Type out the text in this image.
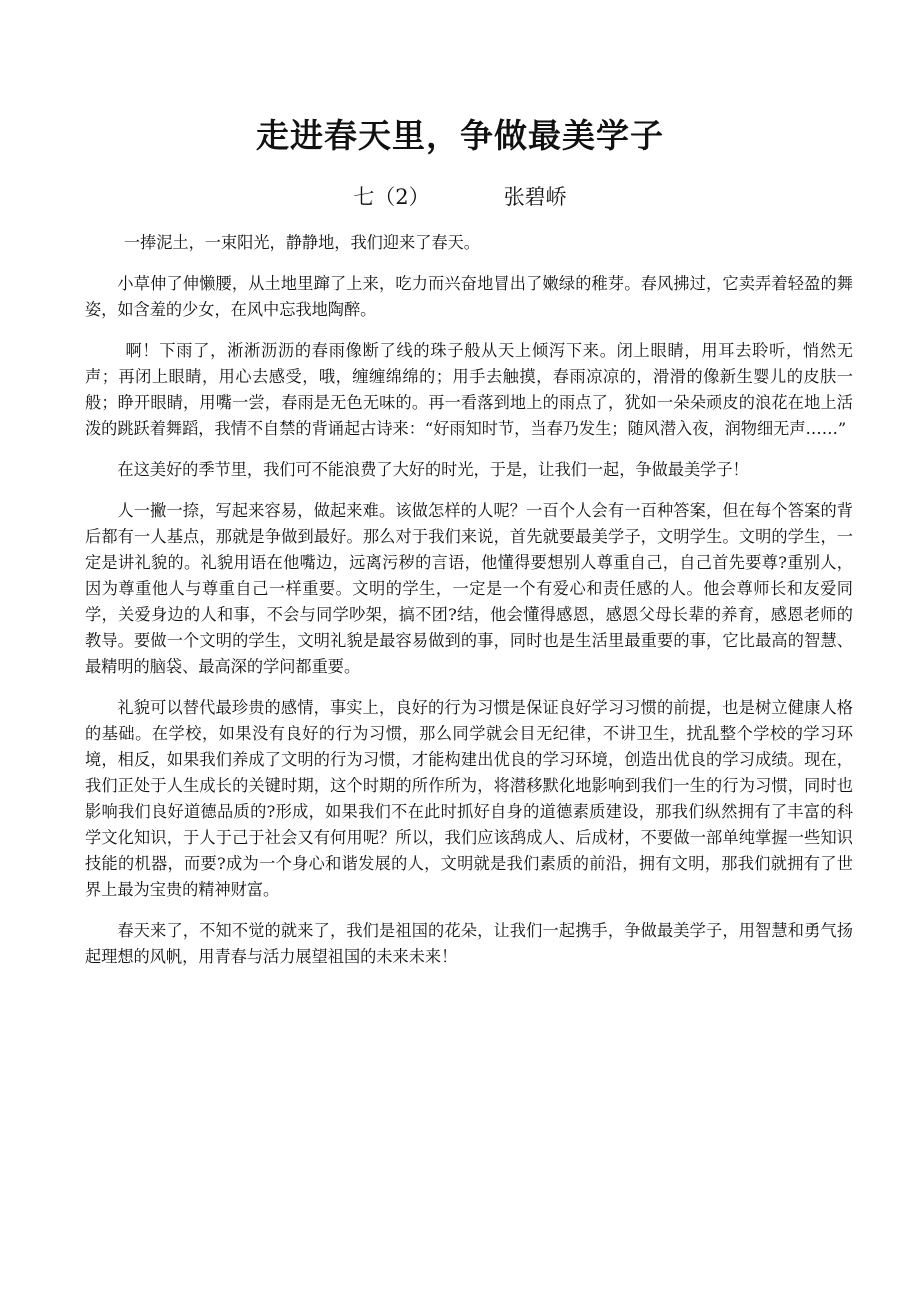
走进春天里，争做最美学子
七（2）	张碧峤

一捧泥土，一束阳光，静静地，我们迎来了春天。

小草伸了伸懒腰，从土地里蹿了上来，吃力而兴奋地冒出了嫩绿的稚芽。春风拂过，它卖弄着轻盈的舞姿，如含羞的少女，在风中忘我地陶醉。

啊！下雨了，淅淅沥沥的春雨像断了线的珠子般从天上倾泻下来。闭上眼睛，用耳去聆听，悄然无声；再闭上眼睛，用心去感受，哦，缠缠绵绵的；用手去触摸，春雨凉凉的，滑滑的像新生婴儿的皮肤一般；睁开眼睛，用嘴一尝，春雨是无色无味的。再一看落到地上的雨点了，犹如一朵朵顽皮的浪花在地上活泼的跳跃着舞蹈，我情不自禁的背诵起古诗来：“好雨知时节，当春乃发生；随风潜入夜，润物细无声……”

在这美好的季节里，我们可不能浪费了大好的时光，于是，让我们一起，争做最美学子！

人一撇一捺，写起来容易，做起来难。该做怎样的人呢？一百个人会有一百种答案，但在每个答案的背后都有一人基点，那就是争做到最好。那么对于我们来说，首先就要最美学子，文明学生。文明的学生，一定是讲礼貌的。礼貌用语在他嘴边，远离污秽的言语，他懂得要想别人尊重自己，自己首先要尊?重别人，因为尊重他人与尊重自己一样重要。文明的学生，一定是一个有爱心和责任感的人。他会尊师长和友爱同学，关爱身边的人和事，不会与同学吵架，搞不团?结，他会懂得感恩，感恩父母长辈的养育，感恩老师的教导。要做一个文明的学生，文明礼貌是最容易做到的事，同时也是生活里最重要的事，它比最高的智慧、最精明的脑袋、最高深的学问都重要。

礼貌可以替代最珍贵的感情，事实上，良好的行为习惯是保证良好学习习惯的前提，也是树立健康人格的基础。在学校，如果没有良好的行为习惯，那么同学就会目无纪律，不讲卫生，扰乱整个学校的学习环境，相反，如果我们养成了文明的行为习惯，才能构建出优良的学习环境，创造出优良的学习成绩。现在，我们正处于人生成长的关键时期，这个时期的所作所为，将潜移默化地影响到我们一生的行为习惯，同时也影响我们良好道德品质的?形成，如果我们不在此时抓好自身的道德素质建设，那我们纵然拥有了丰富的科学文化知识，于人于己于社会又有何用呢？所以，我们应该鸹成人、后成材，不要做一部单纯掌握一些知识技能的机器，而要?成为一个身心和谐发展的人，文明就是我们素质的前沿，拥有文明，那我们就拥有了世界上最为宝贵的精神财富。

春天来了，不知不觉的就来了，我们是祖国的花朵，让我们一起携手，争做最美学子，用智慧和勇气扬起理想的风帆，用青春与活力展望祖国的未来未来！
